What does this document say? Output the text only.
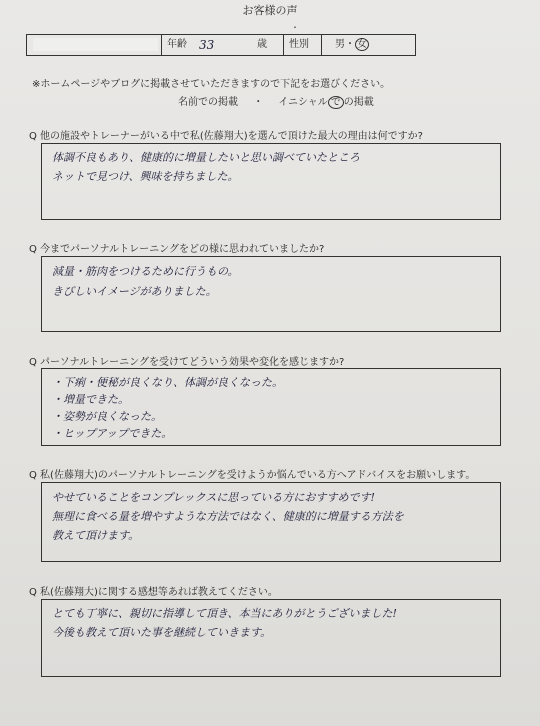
お客様の声
・
年齢 33	歳 性別	男・ 女
※ホームページやブログに掲載させていただきますので下記をお選びください。
名前での掲載 ・ イニシャル で の掲載
Q 他の施設やトレーナーがいる中で私(佐藤翔大)を選んで頂けた最大の理由は何ですか?
体調不良もあり、健康的に増量したいと思い調べていたところ
ネットで見つけ、興味を持ちました。
Q 今までパーソナルトレーニングをどの様に思われていましたか?
減量・筋肉をつけるために行うもの。
きびしいイメージがありました。
Q パーソナルトレーニングを受けてどういう効果や変化を感じますか?
・下痢・便秘が良くなり、体調が良くなった。
・増量できた。
・姿勢が良くなった。
・ヒップアップできた。
Q 私(佐藤翔大)のパーソナルトレーニングを受けようか悩んでいる方へアドバイスをお願いします。
やせていることをコンプレックスに思っている方におすすめです!
無理に食べる量を増やすような方法ではなく、健康的に増量する方法を
教えて頂けます。
Q 私(佐藤翔大)に関する感想等あれば教えてください。
とても丁寧に、親切に指導して頂き、本当にありがとうございました!
今後も教えて頂いた事を継続していきます。
